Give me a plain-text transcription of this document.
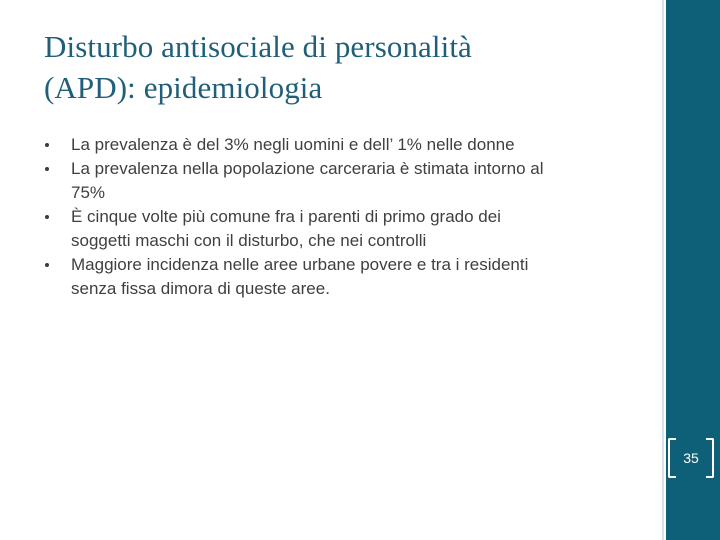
Disturbo antisociale di personalità
(APD): epidemiologia
La prevalenza è del 3% negli uomini e dell’ 1% nelle donne
La prevalenza nella popolazione carceraria è stimata intorno al
75%
È cinque volte più comune fra i parenti di primo grado dei
soggetti maschi con il disturbo, che nei controlli
Maggiore incidenza nelle aree urbane povere e tra i residenti
senza fissa dimora di queste aree.
35
